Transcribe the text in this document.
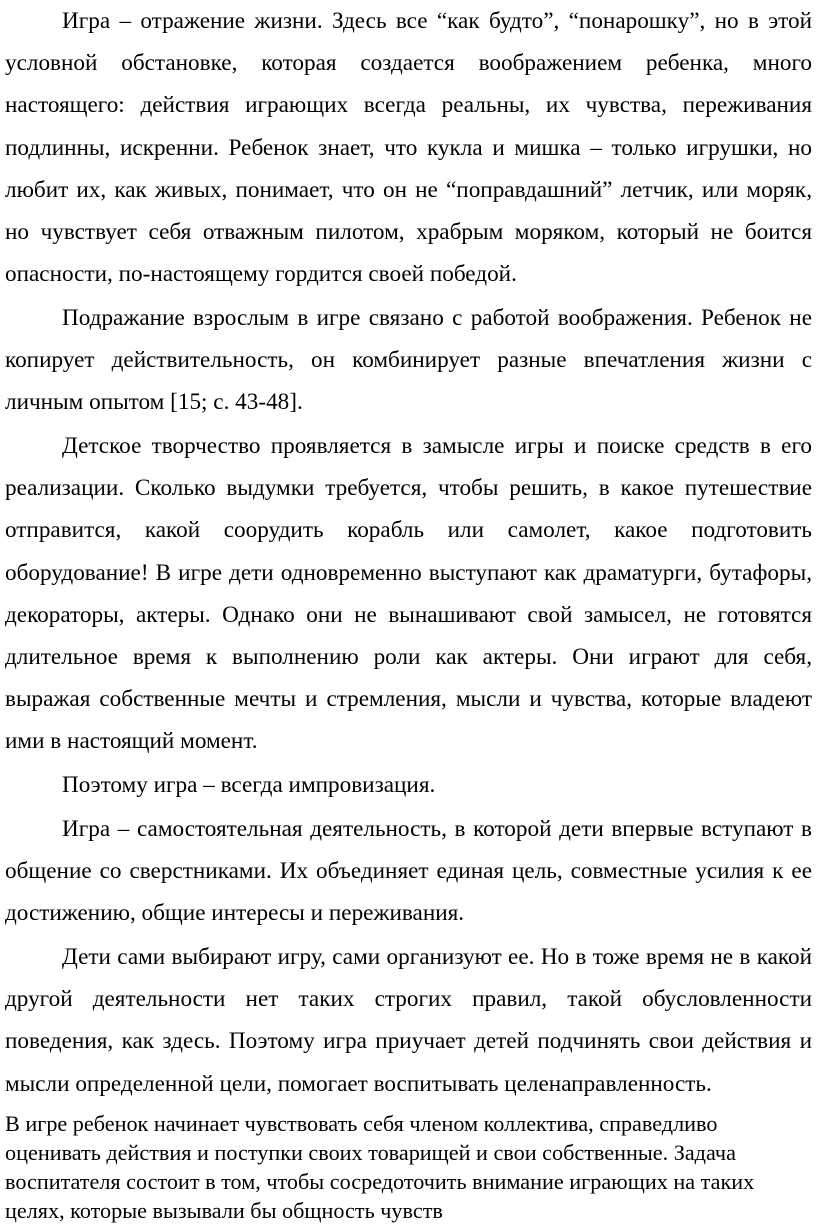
Игра – отражение жизни. Здесь все “как будто”, “понарошку”, но в этой условной обстановке, которая создается воображением ребенка, много настоящего: действия играющих всегда реальны, их чувства, переживания подлинны, искренни. Ребенок знает, что кукла и мишка – только игрушки, но любит их, как живых, понимает, что он не “поправдашний” летчик, или моряк, но чувствует себя отважным пилотом, храбрым моряком, который не боится опасности, по-настоящему гордится своей победой.

Подражание взрослым в игре связано с работой воображения. Ребенок не копирует действительность, он комбинирует разные впечатления жизни с личным опытом [15; с. 43-48].

Детское творчество проявляется в замысле игры и поиске средств в его реализации. Сколько выдумки требуется, чтобы решить, в какое путешествие отправится, какой соорудить корабль или самолет, какое подготовить оборудование! В игре дети одновременно выступают как драматурги, бутафоры, декораторы, актеры. Однако они не вынашивают свой замысел, не готовятся длительное время к выполнению роли как актеры. Они играют для себя, выражая собственные мечты и стремления, мысли и чувства, которые владеют ими в настоящий момент.

Поэтому игра – всегда импровизация.

Игра – самостоятельная деятельность, в которой дети впервые вступают в общение со сверстниками. Их объединяет единая цель, совместные усилия к ее достижению, общие интересы и переживания.

Дети сами выбирают игру, сами организуют ее. Но в тоже время не в какой другой деятельности нет таких строгих правил, такой обусловленности поведения, как здесь. Поэтому игра приучает детей подчинять свои действия и мысли определенной цели, помогает воспитывать целенаправленность.

В игре ребенок начинает чувствовать себя членом коллектива, справедливо оценивать действия и поступки своих товарищей и свои собственные. Задача воспитателя состоит в том, чтобы сосредоточить внимание играющих на таких целях, которые вызывали бы общность чувств
